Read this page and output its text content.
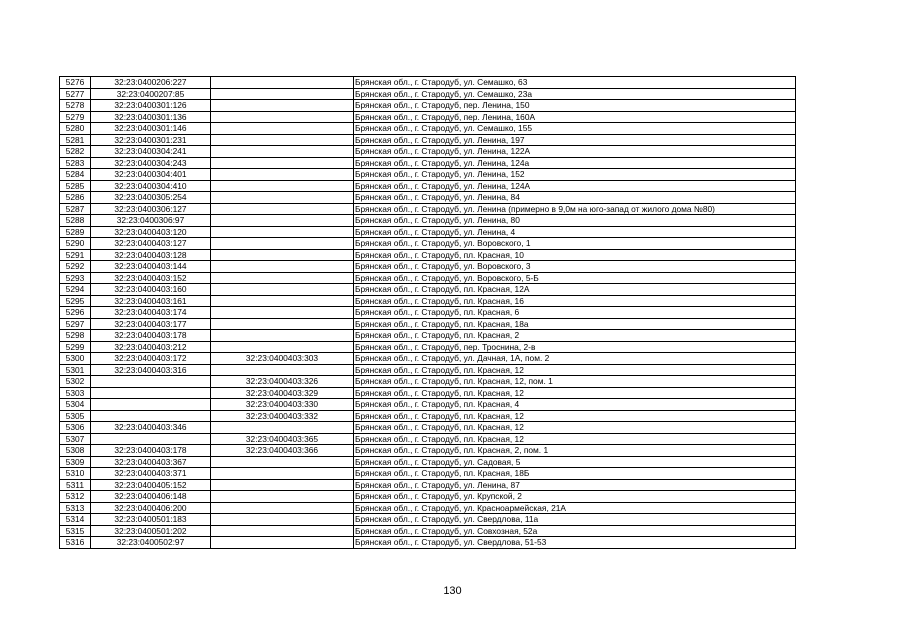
5276	32:23:0400206:227		Брянская обл., г. Стародуб, ул. Семашко, 63
5277	32:23:0400207:85		Брянская обл., г. Стародуб, ул. Семашко, 23а
5278	32:23:0400301:126		Брянская обл., г. Стародуб, пер. Ленина, 150
5279	32:23:0400301:136		Брянская обл., г. Стародуб, пер. Ленина, 160А
5280	32:23:0400301:146		Брянская обл., г. Стародуб, ул. Семашко, 155
5281	32:23:0400301:231		Брянская обл., г. Стародуб, ул. Ленина, 197
5282	32:23:0400304:241		Брянская обл., г. Стародуб, ул. Ленина, 122А
5283	32:23:0400304:243		Брянская обл., г. Стародуб, ул. Ленина, 124а
5284	32:23:0400304:401		Брянская обл., г. Стародуб, ул. Ленина, 152
5285	32:23:0400304:410		Брянская обл., г. Стародуб, ул. Ленина, 124А
5286	32:23:0400305:254		Брянская обл., г. Стародуб, ул. Ленина, 84
5287	32:23:0400306:127		Брянская обл., г. Стародуб, ул. Ленина (примерно в 9,0м на юго-запад от жилого дома №80)
5288	32:23:0400306:97		Брянская обл., г. Стародуб, ул. Ленина, 80
5289	32:23:0400403:120		Брянская обл., г. Стародуб, ул. Ленина, 4
5290	32:23:0400403:127		Брянская обл., г. Стародуб, ул. Воровского, 1
5291	32:23:0400403:128		Брянская обл., г. Стародуб, пл. Красная, 10
5292	32:23:0400403:144		Брянская обл., г. Стародуб, ул. Воровского, 3
5293	32:23:0400403:152		Брянская обл., г. Стародуб, ул. Воровского, 5-Б
5294	32:23:0400403:160		Брянская обл., г. Стародуб, пл. Красная, 12А
5295	32:23:0400403:161		Брянская обл., г. Стародуб, пл. Красная, 16
5296	32:23:0400403:174		Брянская обл., г. Стародуб, пл. Красная, 6
5297	32:23:0400403:177		Брянская обл., г. Стародуб, пл. Красная, 18а
5298	32:23:0400403:178		Брянская обл., г. Стародуб, пл. Красная, 2
5299	32:23:0400403:212		Брянская обл., г. Стародуб, пер. Троснина, 2-в
5300	32:23:0400403:172	32:23:0400403:303	Брянская обл., г. Стародуб, ул. Дачная, 1А, пом. 2
5301	32:23:0400403:316		Брянская обл., г. Стародуб, пл. Красная, 12
5302		32:23:0400403:326	Брянская обл., г. Стародуб, пл. Красная, 12, пом. 1
5303		32:23:0400403:329	Брянская обл., г. Стародуб, пл. Красная, 12
5304		32:23:0400403:330	Брянская обл., г. Стародуб, пл. Красная, 4
5305		32:23:0400403:332	Брянская обл., г. Стародуб, пл. Красная, 12
5306	32:23:0400403:346		Брянская обл., г. Стародуб, пл. Красная, 12
5307		32:23:0400403:365	Брянская обл., г. Стародуб, пл. Красная, 12
5308	32:23:0400403:178	32:23:0400403:366	Брянская обл., г. Стародуб, пл. Красная, 2, пом. 1
5309	32:23:0400403:367		Брянская обл., г. Стародуб, ул. Садовая, 5
5310	32:23:0400403:371		Брянская обл., г. Стародуб, пл. Красная, 18Б
5311	32:23:0400405:152		Брянская обл., г. Стародуб, ул. Ленина, 87
5312	32:23:0400406:148		Брянская обл., г. Стародуб, ул. Крупской, 2
5313	32:23:0400406:200		Брянская обл., г. Стародуб, ул. Красноармейская, 21А
5314	32:23:0400501:183		Брянская обл., г. Стародуб, ул. Свердлова, 11а
5315	32:23:0400501:202		Брянская обл., г. Стародуб, ул. Совхозная, 52а
5316	32:23:0400502:97		Брянская обл., г. Стародуб, ул. Свердлова, 51-53
130
